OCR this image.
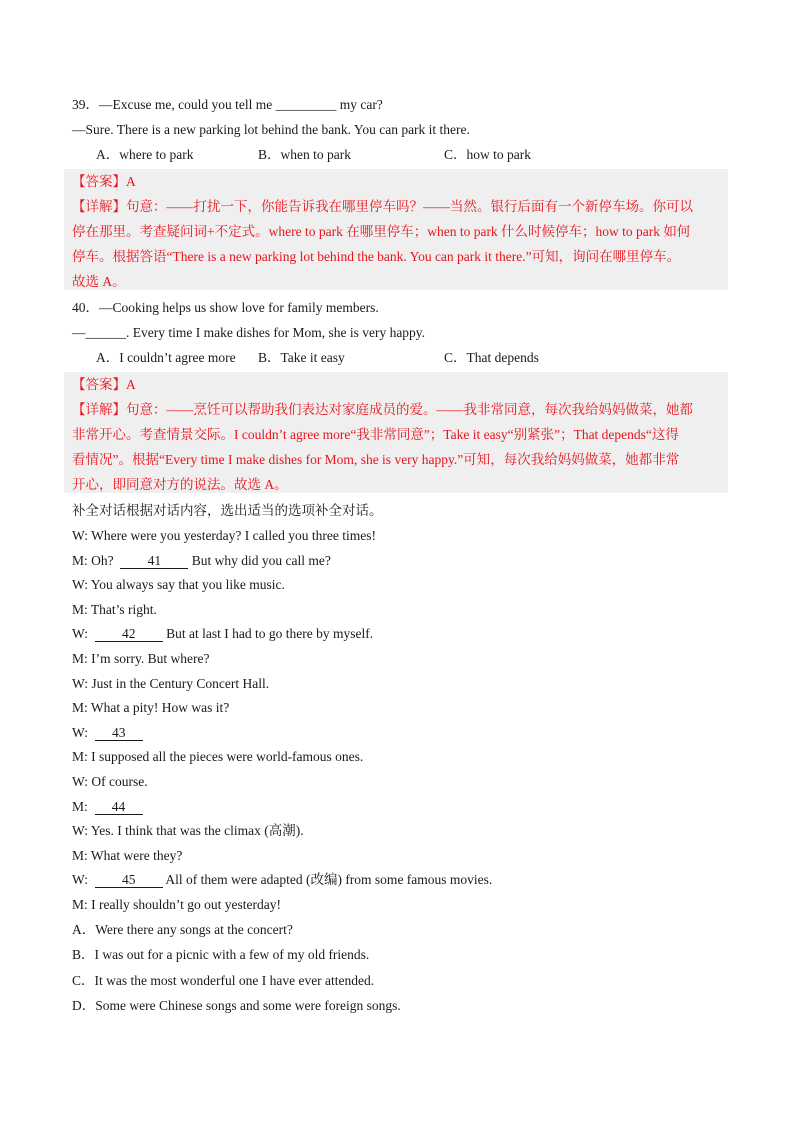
39．—Excuse me, could you tell me _________ my car?
—Sure. There is a new parking lot behind the bank. You can park it there.
A．where to park	B．when to park	C．how to park
【答案】A
【详解】句意：——打扰一下，你能告诉我在哪里停车吗？——当然。银行后面有一个新停车场。你可以
停在那里。考查疑问词+不定式。where to park 在哪里停车；when to park 什么时候停车；how to park 如何
停车。根据答语“There is a new parking lot behind the bank. You can park it there.”可知，询问在哪里停车。
故选 A。
40．—Cooking helps us show love for family members.
—______. Every time I make dishes for Mom, she is very happy.
A．I couldn’t agree more B．Take it easy	C．That depends
【答案】A
【详解】句意：——烹饪可以帮助我们表达对家庭成员的爱。——我非常同意，每次我给妈妈做菜，她都
非常开心。考查情景交际。I couldn’t agree more“我非常同意”；Take it easy“别紧张”；That depends“这得
看情况”。根据“Every time I make dishes for Mom, she is very happy.”可知，每次我给妈妈做菜，她都非常
开心，即同意对方的说法。故选 A。
补全对话根据对话内容，选出适当的选项补全对话。
W: Where were you yesterday? I called you three times!
M: Oh?  41 But why did you call me?
W: You always say that you like music.
M: That’s right.
W:  42 But at last I had to go there by myself.
M: I’m sorry. But where?
W: Just in the Century Concert Hall.
M: What a pity! How was it?
W:  43
M: I supposed all the pieces were world-famous ones.
W: Of course.
M:  44
W: Yes. I think that was the climax (高潮).
M: What were they?
W:  45 All of them were adapted (改编) from some famous movies.
M: I really shouldn’t go out yesterday!
A．Were there any songs at the concert?
B．I was out for a picnic with a few of my old friends.
C．It was the most wonderful one I have ever attended.
D．Some were Chinese songs and some were foreign songs.
